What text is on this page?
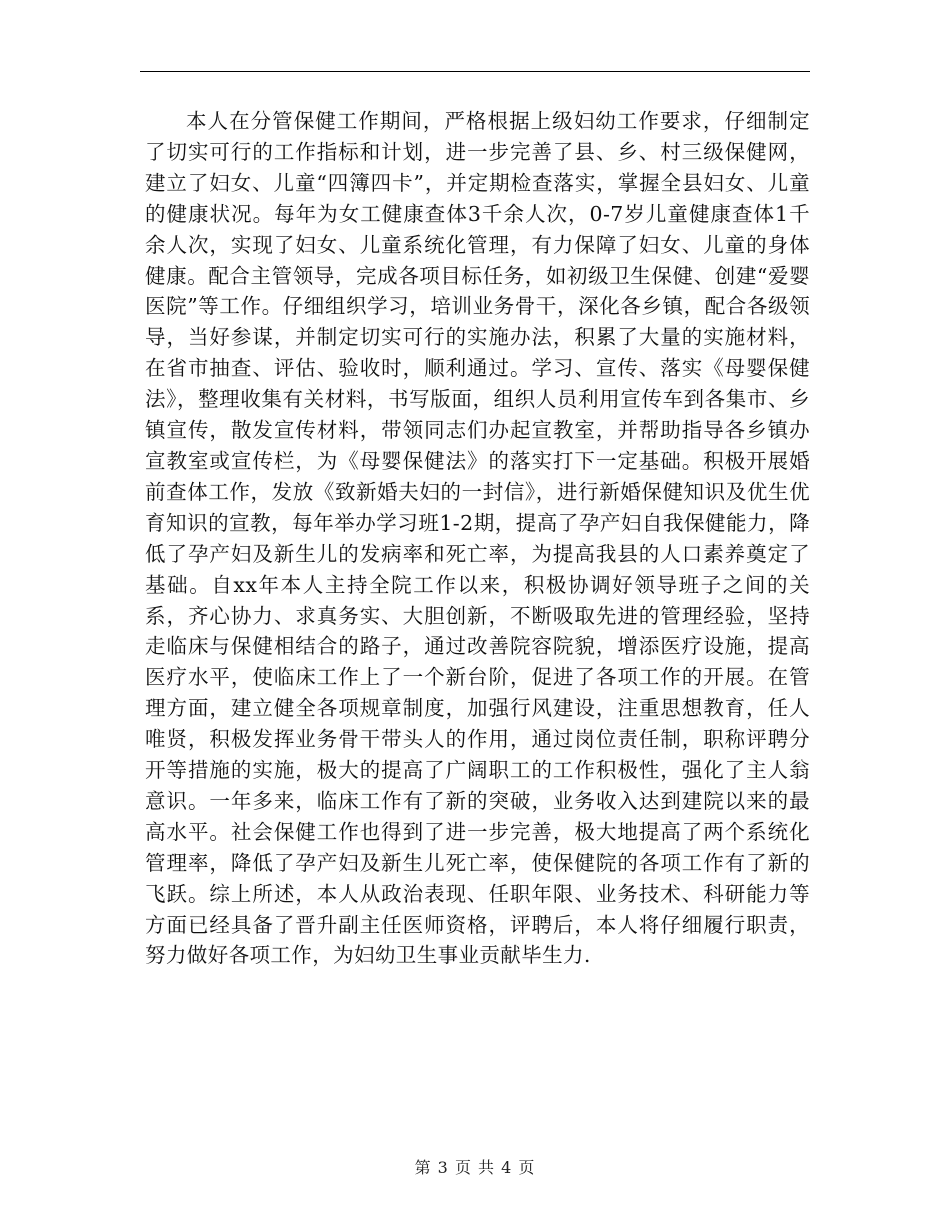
本人在分管保健工作期间，严格根据上级妇幼工作要求，仔细制定了切实可行的工作指标和计划，进一步完善了县、乡、村三级保健网，建立了妇女、儿童“四簿四卡”，并定期检查落实，掌握全县妇女、儿童的健康状况。每年为女工健康查体3千余人次，0-7岁儿童健康查体1千余人次，实现了妇女、儿童系统化管理，有力保障了妇女、儿童的身体健康。配合主管领导，完成各项目标任务，如初级卫生保健、创建“爱婴医院”等工作。仔细组织学习，培训业务骨干，深化各乡镇，配合各级领导，当好参谋，并制定切实可行的实施办法，积累了大量的实施材料，在省市抽查、评估、验收时，顺利通过。学习、宣传、落实《母婴保健法》，整理收集有关材料，书写版面，组织人员利用宣传车到各集市、乡镇宣传，散发宣传材料，带领同志们办起宣教室，并帮助指导各乡镇办宣教室或宣传栏，为《母婴保健法》的落实打下一定基础。积极开展婚前查体工作，发放《致新婚夫妇的一封信》，进行新婚保健知识及优生优育知识的宣教，每年举办学习班1-2期，提高了孕产妇自我保健能力，降低了孕产妇及新生儿的发病率和死亡率，为提高我县的人口素养奠定了基础。自xx年本人主持全院工作以来，积极协调好领导班子之间的关系，齐心协力、求真务实、大胆创新，不断吸取先进的管理经验，坚持走临床与保健相结合的路子，通过改善院容院貌，增添医疗设施，提高医疗水平，使临床工作上了一个新台阶，促进了各项工作的开展。在管理方面，建立健全各项规章制度，加强行风建设，注重思想教育，任人唯贤，积极发挥业务骨干带头人的作用，通过岗位责任制，职称评聘分开等措施的实施，极大的提高了广阔职工的工作积极性，强化了主人翁意识。一年多来，临床工作有了新的突破，业务收入达到建院以来的最高水平。社会保健工作也得到了进一步完善，极大地提高了两个系统化管理率，降低了孕产妇及新生儿死亡率，使保健院的各项工作有了新的飞跃。综上所述，本人从政治表现、任职年限、业务技术、科研能力等方面已经具备了晋升副主任医师资格，评聘后，本人将仔细履行职责，努力做好各项工作，为妇幼卫生事业贡献毕生力.

第 3 页 共 4 页
